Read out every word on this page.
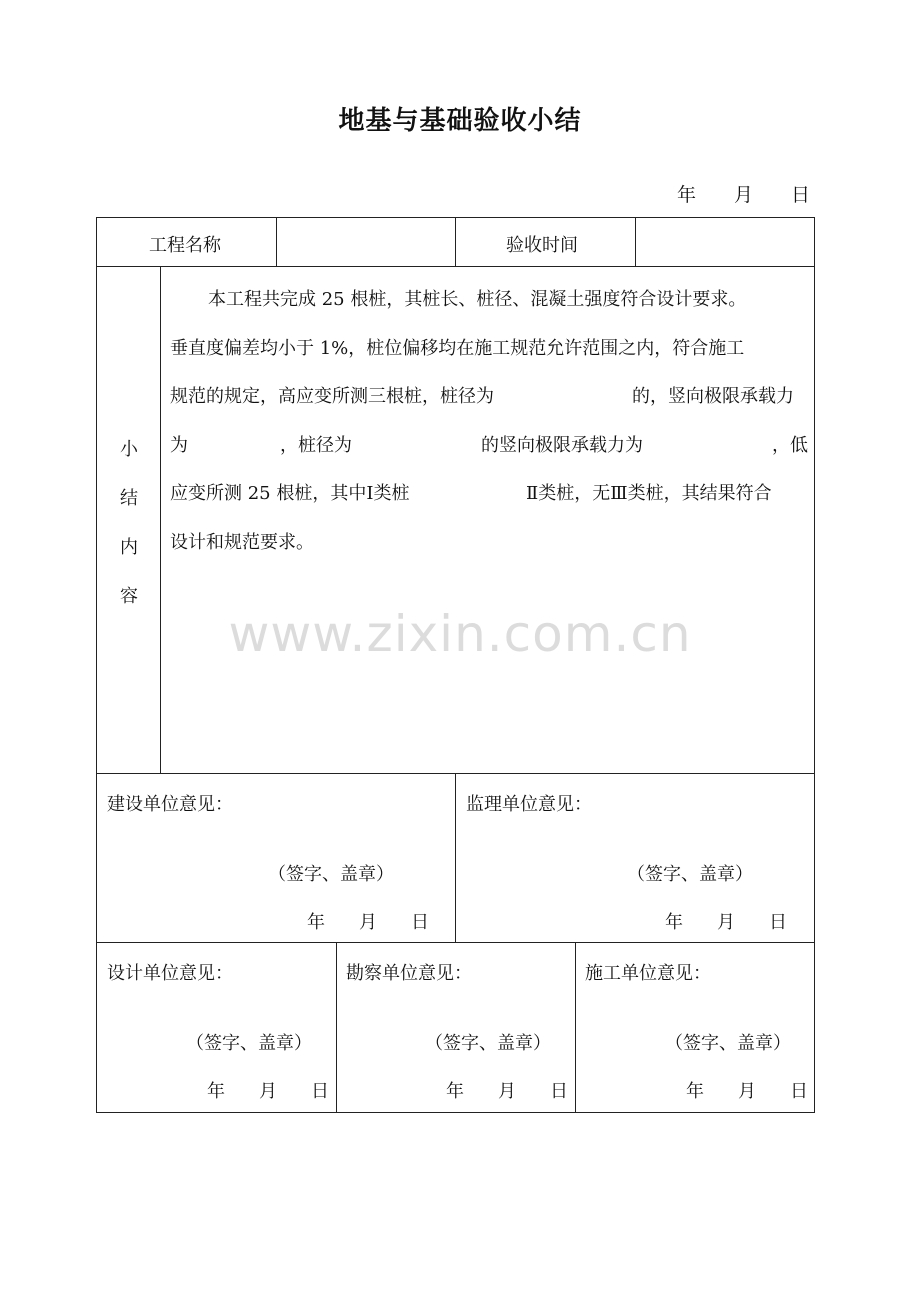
地基与基础验收小结
年 月 日
工程名称	验收时间
小
结
内
容
本工程共完成 25 根桩，其桩长、桩径、混凝土强度符合设计要求。
垂直度偏差均小于 1%，桩位偏移均在施工规范允许范围之内，符合施工
规范的规定，高应变所测三根桩，桩径为	的，竖向极限承载力
为	，桩径为	的竖向极限承载力为	，低
应变所测 25 根桩，其中Ⅰ类桩	Ⅱ类桩，无Ⅲ类桩，其结果符合
设计和规范要求。
建设单位意见：
（签字、盖章）
年 月 日
监理单位意见：
（签字、盖章）
年 月 日
设计单位意见：
（签字、盖章）
年 月 日
勘察单位意见：
（签字、盖章）
年 月 日
施工单位意见：
（签字、盖章）
年 月 日
www.zixin.com.cn
